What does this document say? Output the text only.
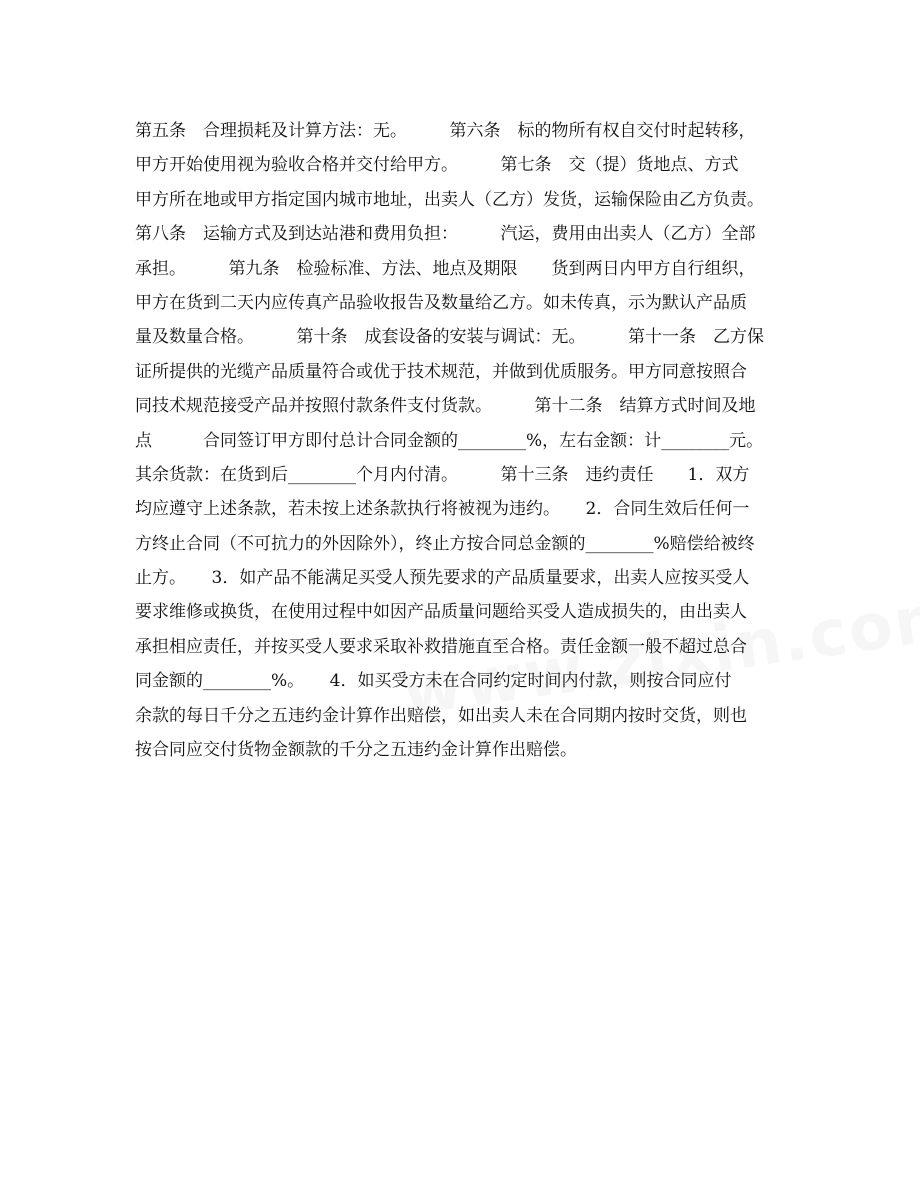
第五条　合理损耗及计算方法：无。　　　第六条　标的物所有权自交付时起转移，
甲方开始使用视为验收合格并交付给甲方。　　　第七条　交（提）货地点、方式
甲方所在地或甲方指定国内城市地址，出卖人（乙方）发货，运输保险由乙方负责。
第八条　运输方式及到达站港和费用负担：　　　汽运，费用由出卖人（乙方）全部
承担。　　　第九条　检验标准、方法、地点及期限　　货到两日内甲方自行组织，
甲方在货到二天内应传真产品验收报告及数量给乙方。如未传真，示为默认产品质
量及数量合格。　　　第十条　成套设备的安装与调试：无。　　　第十一条　乙方保
证所提供的光缆产品质量符合或优于技术规范，并做到优质服务。甲方同意按照合
同技术规范接受产品并按照付款条件支付货款。　　　第十二条　结算方式时间及地
点　　　合同签订甲方即付总计合同金额的________%，左右金额：计________元。
其余货款：在货到后________个月内付清。　　　第十三条　违约责任　　1．双方
均应遵守上述条款，若未按上述条款执行将被视为违约。　　2．合同生效后任何一
方终止合同（不可抗力的外因除外），终止方按合同总金额的________%赔偿给被终
止方。　　3．如产品不能满足买受人预先要求的产品质量要求，出卖人应按买受人
要求维修或换货，在使用过程中如因产品质量问题给买受人造成损失的，由出卖人
承担相应责任，并按买受人要求采取补救措施直至合格。责任金额一般不超过总合
同金额的________%。　　4．如买受方未在合同约定时间内付款，则按合同应付
余款的每日千分之五违约金计算作出赔偿，如出卖人未在合同期内按时交货，则也
按合同应交付货物金额款的千分之五违约金计算作出赔偿。
